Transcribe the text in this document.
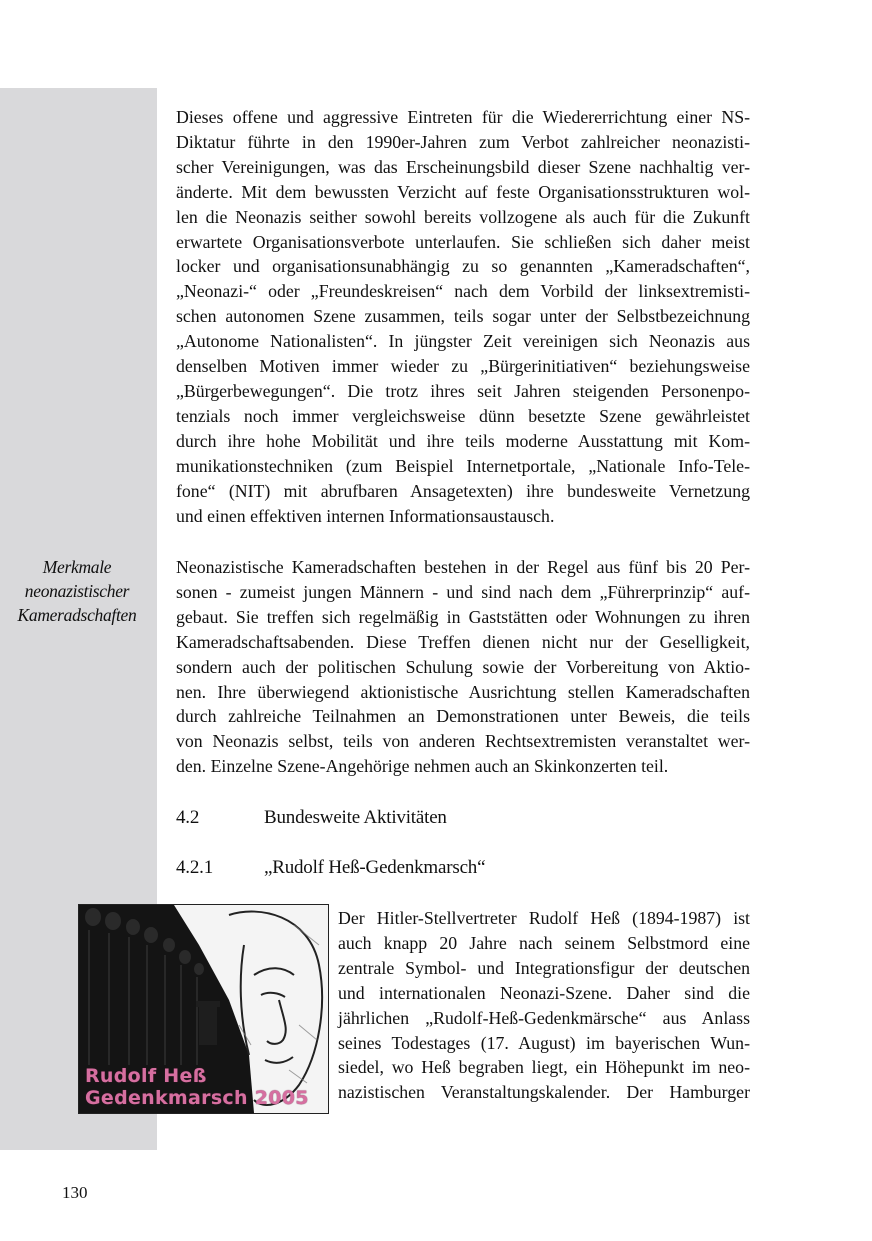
Merkmale
neonazistischer
Kameradschaften

Dieses offene und aggressive Eintreten für die Wiedererrichtung einer NS-
Diktatur führte in den 1990er-Jahren zum Verbot zahlreicher neonazisti-
scher Vereinigungen, was das Erscheinungsbild dieser Szene nachhaltig ver-
änderte. Mit dem bewussten Verzicht auf feste Organisationsstrukturen wol-
len die Neonazis seither sowohl bereits vollzogene als auch für die Zukunft
erwartete Organisationsverbote unterlaufen. Sie schließen sich daher meist
locker und organisationsunabhängig zu so genannten „Kameradschaften“,
„Neonazi-“ oder „Freundeskreisen“ nach dem Vorbild der linksextremisti-
schen autonomen Szene zusammen, teils sogar unter der Selbstbezeichnung
„Autonome Nationalisten“. In jüngster Zeit vereinigen sich Neonazis aus
denselben Motiven immer wieder zu „Bürgerinitiativen“ beziehungsweise
„Bürgerbewegungen“. Die trotz ihres seit Jahren steigenden Personenpo-
tenzials noch immer vergleichsweise dünn besetzte Szene gewährleistet
durch ihre hohe Mobilität und ihre teils moderne Ausstattung mit Kom-
munikationstechniken (zum Beispiel Internetportale, „Nationale Info-Tele-
fone“ (NIT) mit abrufbaren Ansagetexten) ihre bundesweite Vernetzung
und einen effektiven internen Informationsaustausch.

Neonazistische Kameradschaften bestehen in der Regel aus fünf bis 20 Per-
sonen - zumeist jungen Männern - und sind nach dem „Führerprinzip“ auf-
gebaut. Sie treffen sich regelmäßig in Gaststätten oder Wohnungen zu ihren
Kameradschaftsabenden. Diese Treffen dienen nicht nur der Geselligkeit,
sondern auch der politischen Schulung sowie der Vorbereitung von Aktio-
nen. Ihre überwiegend aktionistische Ausrichtung stellen Kameradschaften
durch zahlreiche Teilnahmen an Demonstrationen unter Beweis, die teils
von Neonazis selbst, teils von anderen Rechtsextremisten veranstaltet wer-
den. Einzelne Szene-Angehörige nehmen auch an Skinkonzerten teil.

4.2	Bundesweite Aktivitäten
4.2.1	„Rudolf Heß-Gedenkmarsch“
Rudolf Heß
Gedenkmarsch 2005

Der Hitler-Stellvertreter Rudolf Heß (1894-1987) ist
auch knapp 20 Jahre nach seinem Selbstmord eine
zentrale Symbol- und Integrationsfigur der deutschen
und internationalen Neonazi-Szene. Daher sind die
jährlichen „Rudolf-Heß-Gedenkmärsche“ aus Anlass
seines Todestages (17. August) im bayerischen Wun-
siedel, wo Heß begraben liegt, ein Höhepunkt im neo-
nazistischen Veranstaltungskalender. Der Hamburger

130
